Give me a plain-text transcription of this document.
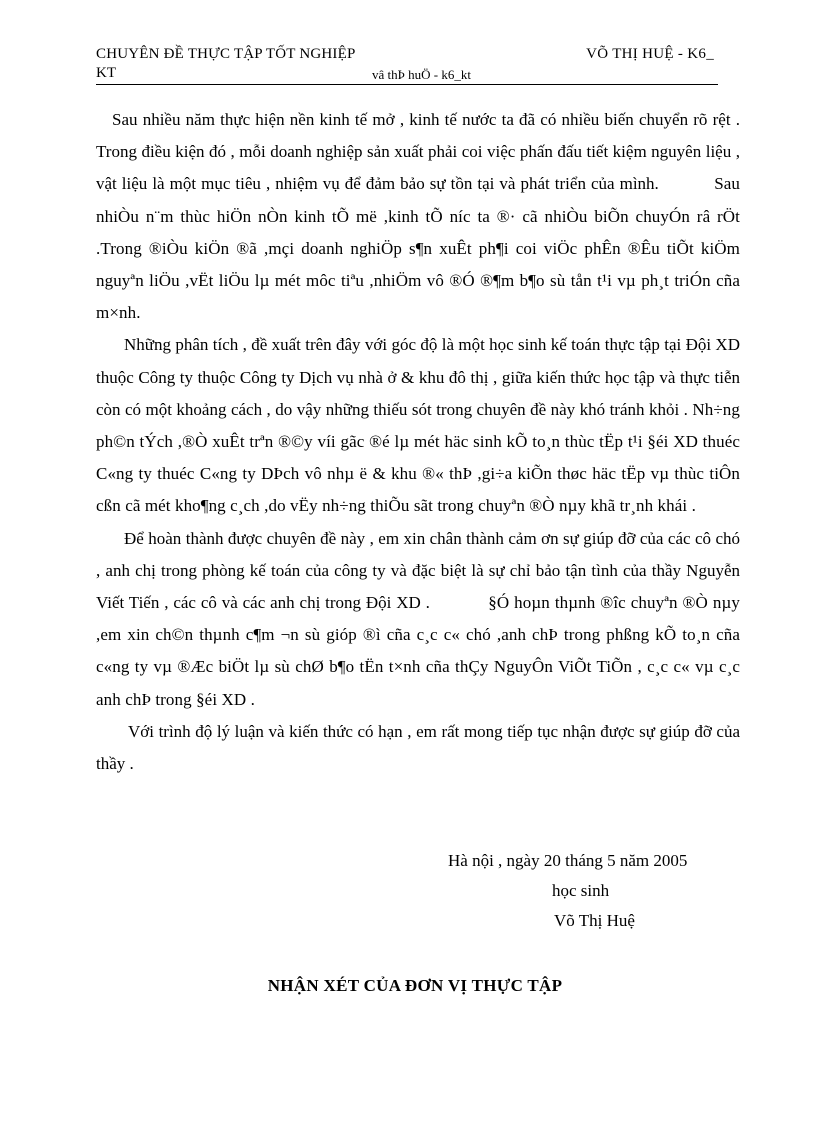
CHUYÊN ĐỀ THỰC TẬP TỐT NGHIỆP	VÕ THỊ HUỆ - K6_
KT	vâ thÞ huÖ - k6_kt

Sau nhiều năm thực hiện nền kinh tế mở , kinh tế nước ta đã có nhiều biến chuyển rõ rệt . Trong điều kiện đó , mỗi doanh nghiệp sản xuất phải coi việc phấn đấu tiết kiệm nguyên liệu , vật liệu là một mục tiêu , nhiệm vụ để đảm bảo sự tồn tại và phát triển của mình.	Sau nhiÒu n¨m thùc hiÖn nÒn kinh tÕ më ,kinh tÕ níc ta ®· cã nhiÒu biÕn chuyÓn râ rÖt .Trong ®iÒu kiÖn ®ã ,mçi doanh nghiÖp s¶n xuÊt ph¶i coi viÖc phÊn ®Êu tiÕt kiÖm nguyªn liÖu ,vËt liÖu lµ mét môc tiªu ,nhiÖm vô ®Ó ®¶m b¶o sù tån t¹i vµ ph¸t triÓn cña m×nh.

Những phân tích , đề xuất trên đây với góc độ là một học sinh kế toán thực tập tại Đội XD thuộc Công ty thuộc Công ty Dịch vụ nhà ở & khu đô thị , giữa kiến thức học tập và thực tiễn còn có một khoảng cách , do vậy những thiếu sót trong chuyên đề này khó tránh khỏi . Nh÷ng ph©n tÝch ,®Ò xuÊt trªn ®©y víi gãc ®é lµ mét häc sinh kÕ to¸n thùc tËp t¹i §éi XD thuéc C«ng ty thuéc C«ng ty DÞch vô nhµ ë & khu ®« thÞ ,gi÷a kiÕn thøc häc tËp vµ thùc tiÔn cßn cã mét kho¶ng c¸ch ,do vËy nh÷ng thiÕu sãt trong chuyªn ®Ò nµy khã tr¸nh khái .

Để hoàn thành được chuyên đề này , em xin chân thành cảm ơn sự giúp đỡ của các cô chó , anh chị trong phòng kế toán của công ty và đặc biệt là sự chỉ bảo tận tình của thầy Nguyễn Viết Tiến , các cô và các anh chị trong Đội XD .	§Ó hoµn thµnh ®îc chuyªn ®Ò nµy ,em xin ch©n thµnh c¶m ¬n sù gióp ®ì cña c¸c c« chó ,anh chÞ trong phßng kÕ to¸n cña c«ng ty vµ ®Æc biÖt lµ sù chØ b¶o tËn t×nh cña thÇy NguyÔn ViÕt TiÕn , c¸c c« vµ c¸c anh chÞ trong §éi XD .

Với trình độ lý luận và kiến thức có hạn , em rất mong tiếp tục nhận được sự giúp đỡ của thầy .

Hà nội , ngày 20 tháng 5 năm 2005
học sinh
Võ Thị Huệ
NHẬN XÉT CỦA ĐƠN VỊ THỰC TẬP
